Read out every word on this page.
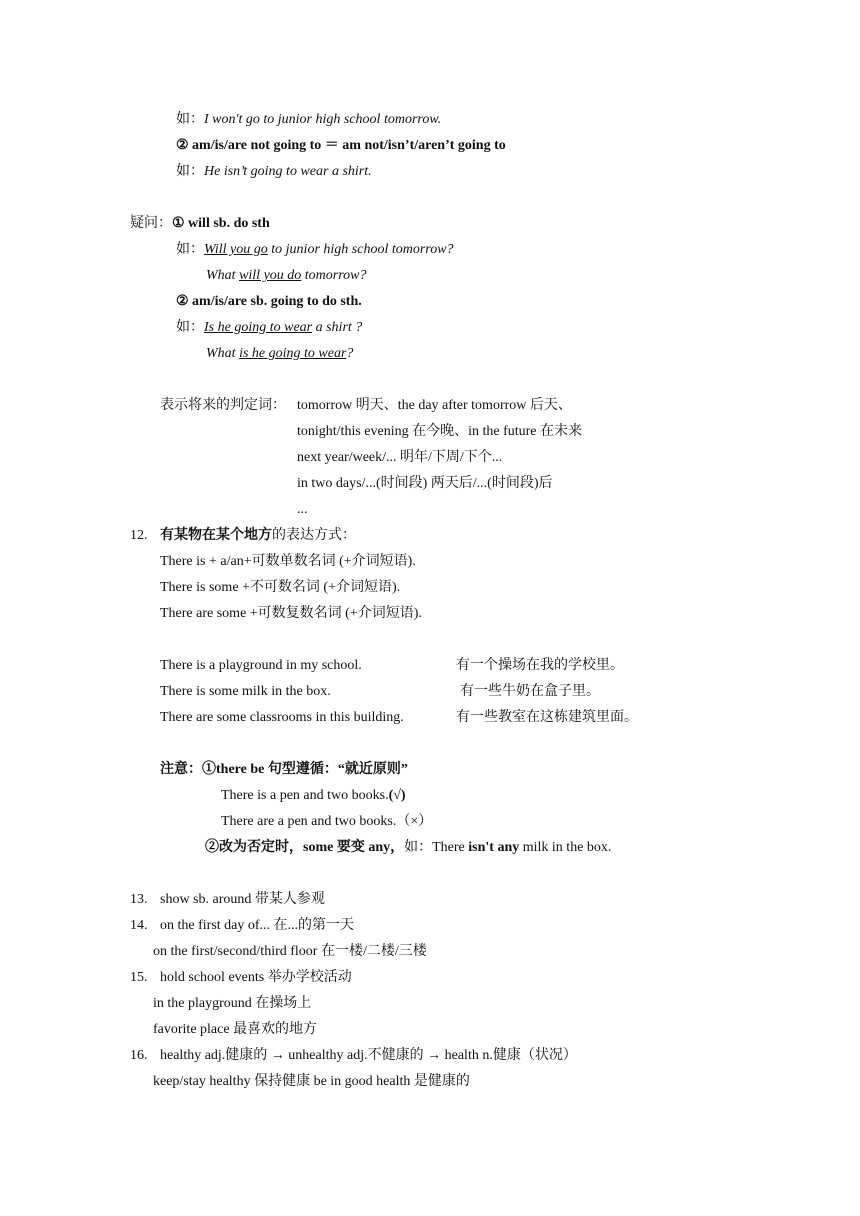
如：I won't go to junior high school tomorrow.
② am/is/are not going to ＝ am not/isn’t/aren’t going to
如：He isn’t going to wear a shirt.
疑问：① will sb. do sth
如：Will you go to junior high school tomorrow?
What will you do tomorrow?
② am/is/are sb. going to do sth.
如：Is he going to wear a shirt ?
What is he going to wear?
表示将来的判定词： tomorrow 明天、the day after tomorrow 后天、
tonight/this evening 在今晚、in the future 在未来
next year/week/... 明年/下周/下个...
in two days/...(时间段) 两天后/...(时间段)后
...
12. 有某物在某个地方的表达方式：
There is + a/an+可数单数名词 (+介词短语).
There is some +不可数名词 (+介词短语).
There are some +可数复数名词 (+介词短语).
There is a playground in my school.	有一个操场在我的学校里。
There is some milk in the box.	有一些牛奶在盒子里。
There are some classrooms in this building.	有一些教室在这栋建筑里面。
注意：①there be 句型遵循：“就近原则”
There is a pen and two books.(√)
There are a pen and two books.（×）
②改为否定时，some 要变 any，如：There isn't any milk in the box.
13. show sb. around 带某人参观
14. on the first day of... 在...的第一天
on the first/second/third floor 在一楼/二楼/三楼
15. hold school events 举办学校活动
in the playground 在操场上
favorite place 最喜欢的地方
16. healthy adj.健康的 → unhealthy adj.不健康的 → health n.健康（状况）
keep/stay healthy 保持健康 be in good health 是健康的
